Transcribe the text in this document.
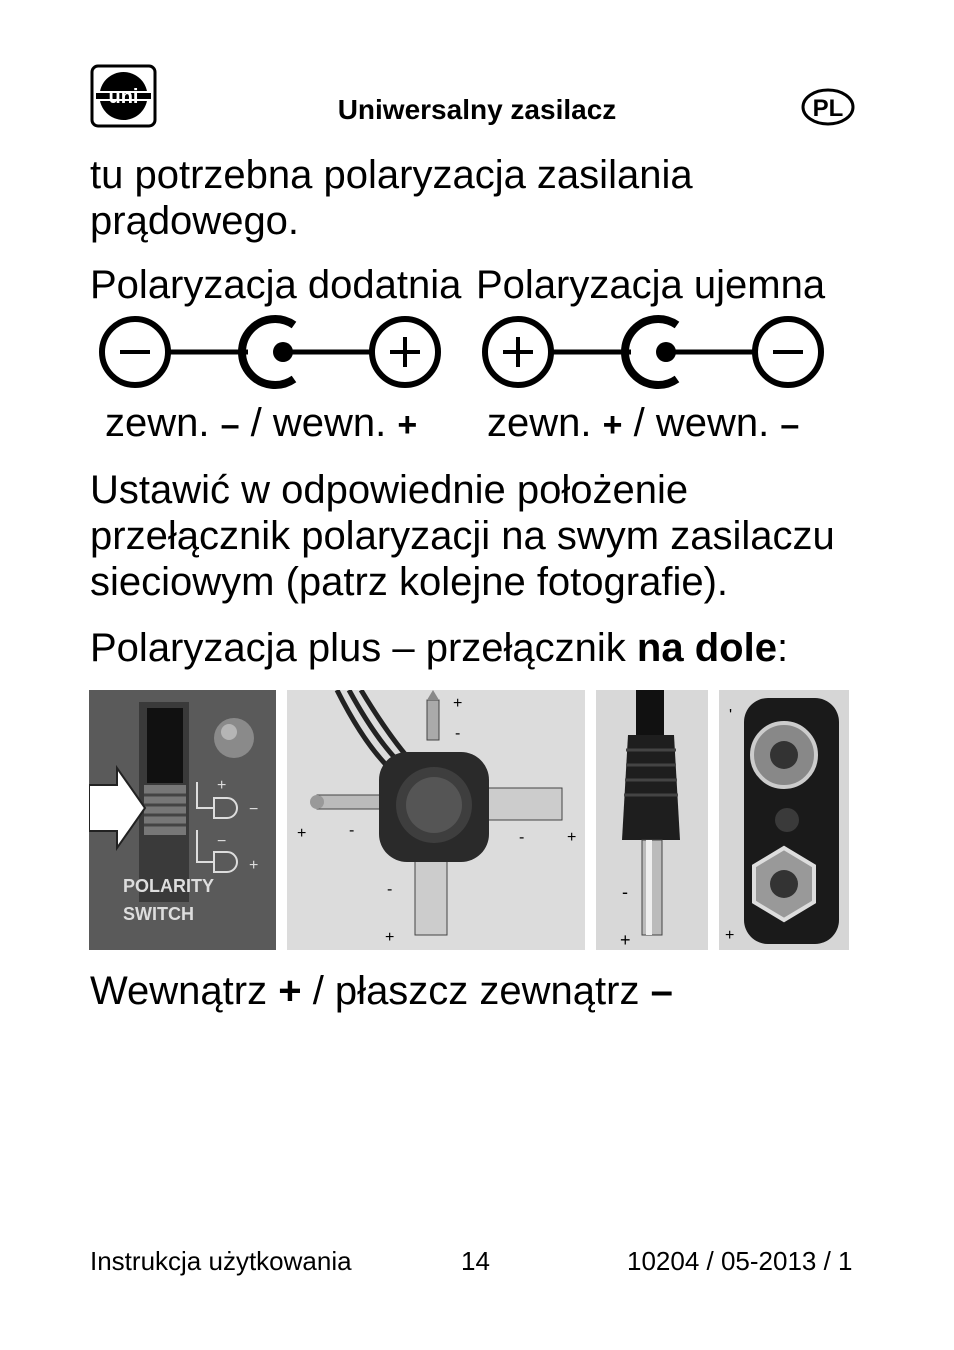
uni	Uniwersalny zasilacz	PL
tu potrzebna polaryzacja zasilania
prądowego.
Polaryzacja dodatnia Polaryzacja ujemna
zewn. – / wewn. + zewn. + / wewn. –
Ustawić w odpowiednie położenie
przełącznik polaryzacji na swym zasilaczu
sieciowym (patrz kolejne fotografie).
Polaryzacja plus – przełącznik na dole:
+
−
−
+
POLARITY
SWITCH
+
-
+	-	-	+
-
+
-
+
'
+
Wewnątrz + / płaszcz zewnątrz –
Instrukcja użytkowania	14	10204 / 05-2013 / 1
